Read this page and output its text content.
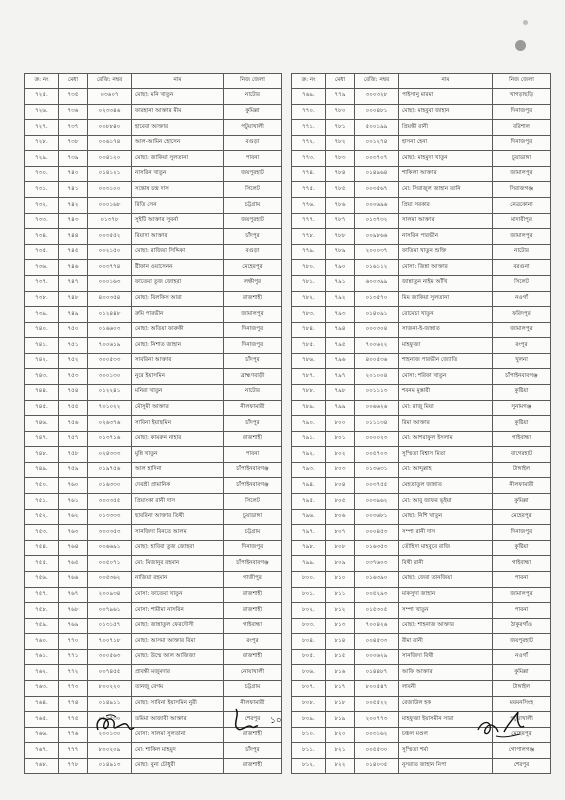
ক্র: নং	মেধা	রেজি: নম্বর	নাম	নিজ জেলা
৭২৫.	৭৩৫	০৩৬০৭	মোছা: মনি খাতুন	নাটোর
৭২৬.	৭৩৬	০২৩৩৪৬	ফারহানা আক্তার মীম	কুমিল্লা
৭২৭.	৭৩৭	০০৮৮৪০	হাবেবা আক্তার	পটুয়াখালী
৭২৮.	৭৩৮	০০৬১৭৪	আল-আমিন হোসেন	বগুড়া
৭২৯.	৭৩৯	০০৪১২০	মোছা: জাকিয়া সুলতানা	পাবনা
৭৩০.	৭৪০	০১৪১২১	নাসরিন খাতুন	জয়পুরহাট
৭৩১.	৭৪১	০০৩১০০	সন্তোষ চন্দ্র দাস	সিলেট
৭৩২.	৭৪২	০০০১৬৮	রিতি সেন	চট্টগ্রাম
৭৩৩.	৭৪৩	০১৩৭৮	সুইটি আক্তার সুবর্না	জয়পুরহাট
৭৩৪.	৭৪৪	০০৩৫৫২	রিয়াদা আক্তার	চাঁদপুর
৭৩৫.	৭৪৫	০০২১৫০	মোছা: রাজিয়া সিদ্দিকা	বগুড়া
৭৩৬.	৭৪৬	০০৩৭৭৪	ষ্টীফান ওয়াসেনন	মেহেরপুর
৭৩৭.	৭৪৭	০০০১৬৩	ফাতেমা তুজ জোহরা	লক্ষীপুর
৭৩৮.	৭৪৮	৪০০৩৫৪	মোছা: বিলকিস আরা	রাজশাহী
৭৩৯.	৭৪৯	০১২৪৪৮	রুমি পারভীন	জামালপুর
৭৪০.	৭৫০	০১৬৬০৩	মোছা: অতিয়া ফারুকী	দিনাজপুর
৭৪১.	৭৫১	৭০০৬১৯	মোছা: নিশাত জাহান	দিনাজপুর
৭৪২.	৭৫২	৩০০৫৩৩	সাবরিনা আক্তার	চাঁদপুর
৭৪৩.	৭৫৩	৩০০১৩০	নুরে ইয়াসমিন	ব্রাহ্মণবাড়ী
৭৪৪.	৭৫৪	০১২২৪১	মনিরা খাতুন	নাটোর
৭৪৫.	৭৫৫	৭০১০২২	মৌসুমী আক্তার	নীলফামারী
৭৪৬.	৭৫৬	০২৬৩৭৬	সাবিনা ইয়াছমিন	চাঁদপুর
৭৪৭.	৭৫৭	০১৩৭১৬	মোছা: কামরুন নাহার	রাজশাহী
৭৪৮.	৭৫৮	০২৪৩৩৩	মুন্নি খাতুন	পাবনা
৭৪৯.	৭৫৯	০১৯৭৫৬	আল হাদিনা	চাঁপাইনবাবগঞ্জ
৭৫০.	৭৬০	০১৬৩৩০	দেবশ্রী প্রামানিক	চাঁপাইনবাবগঞ্জ
৭৫১.	৭৬১	৩০০৩৫৫	প্রিয়াংকা রানী দাস	সিলেট
৭৫২.	৭৬২	০১৩৩৩৩	ছাবরিনা আক্তার তিথী	চুয়াডাঙ্গা
৭৫৩.	৭৬৩	৩০০৩৫৩	সানজিদা বিনতে আলম	চট্টগ্রাম
৭৫৪.	৭৬৪	০০৬৬৯১	মোছা: হাবিবা তুজ জোহরা	দিনাজপুর
৭৫৫.	৭৬৫	০০৫০৭১	মো: মিজানুর রহমান	চাঁপাইনবাবগঞ্জ
৭৫৬.	৭৬৬	০০৫৩৬২	নাজিয়া রহমান	গাজীপুর
৭৫৭.	৭৬৭	২০০৯৩৪	মোসা: ফাতেমা খাতুন	রাজশাহী
৭৫৮.	৭৬৮	০০৭৯৬১	মোসা: শামীমা নাসরিন	রাজশাহী
৭৫৯.	৭৬৯	০১৩১৫৭	মোছা: জান্নাতুল ফেরদৌসী	গাইবান্ধা
৭৬০.	৭৭০	৭০০৭১৮	মোছা: আসমা আক্তার রিমা	রংপুর
৭৬১.	৭৭১	৩০০৫৬৩	মোছা: উম্মে আল আজিজা	রাজশাহী
৭৬২.	৭৭২	০০৭৪৫৫	প্রাবন্তী মজুমদার	নোয়াখালী
৭৬৩.	৭৭৩	৮০০২২০	তানজু বেগম	চট্টগ্রাম
৭৬৪.	৭৭৪	০১৪৯১১	মোছা: সাবিনা ইয়াসমিন নুরী	নীলফামারী
৭৬৫.	৭৭৫	০১৩৫৩০	তমিমা আজাবী আক্তার	শেরপুর
৭৬৬.	৭৭৬	২০০১৩০	মোসা: সালমা সুলতানা	রাজশাহী
৭৬৭.	৭৭৭	৮০০২০৯	মো: শাকিল মাহমুদ	চাঁদপুর
৭৬৮.	৭৭৮	০১৪৯১৩	মোছা: বুনা চৌধুরী	রাজশাহী
ক্র: নং	মেধা	রেজি: নম্বর	নাম	নিজ জেলা
৭৬৯.	৭৭৯	৩০০৩২৮	পাইসানু মারমা	খাগড়াছড়ি
৭৭০.	৭৮০	০০০৪৮১	মোছা: মাহবুবা জাহান	দিনাজপুর
৭৭১.	৭৮১	৫০০১৯৯	প্রিয়ন্তী রানী	বরিশাল
৭৭২.	৭৮২	০০১২৭৪	হাসনা হেনা	দিনাজপুর
৭৭৩.	৭৮৩	০০৩৭০৭	মোছা: মাহমুদা খাতুন	চুয়াডাঙ্গা
৭৭৪.	৭৮৪	০১৪৯৬৪	শাকিলা আক্তার	জামালপুর
৭৭৫.	৭৮৫	০০৩৫৬৭	মো: সিরাজুল জাহান তানি	সিরাজগঞ্জ
৭৭৬.	৭৮৬	০০০৬৯৬	প্রিয়া সরকার	নেত্রকোনা
৭৭৭.	৭৮৭	০১৩৭৩২	সালমা আক্তার	মাদারীপুর
৭৭৮.	৭৮৮	০০৯৮৬৬	নাসরিন পারভীন	জামালপুর
৭৭৯.	৭৮৯	২০০০৩৭	ফাতিমা খাতুন শুক্তি	নাটোর
৭৮০.	৭৯০	০১৬১১২	মোসা: জিন্না আক্তার	বরগুনা
৭৮১.	৭৯১	৬০০৩৯৯	জান্নাতুন নাইম আঁখি	সিলেট
৭৮২.	৭৯২	০১৩৫৭০	মিম জাকিয়া সুলতানা	নওগাঁ
৭৮৩.	৭৯৩	০১৪০৯১	রোমেচা খাতুন	ফরিদপুর
৭৮৪.	৭৯৪	০০০৩০৪	সাজনা-ই-জান্নাত	জামালপুর
৭৮৫.	৭৯৫	৭০০৬২২	মাহফুজা	রংপুর
৭৮৬.	৭৯৬	৪০০৫৩৬	শাহনাজ পারভীন জ্যোতি	খুলনা
৭৮৭.	৭৯৭	২০১০০৪	মোসা: শরিফা খাতুন	চাঁপাইনবাবগঞ্জ
৭৮৮.	৭৯৮	০০১১১৩	শবনম মুস্তারী	কুষ্টিয়া
৭৮৯.	৭৯৯	০০৬৬২৬	মো: রাজু মিয়া	সুনামগঞ্জ
৭৯০.	৮০০	০১১১৩৪	রিমা আক্তার	কুষ্টিয়া
৭৯১.	৮০১	০০০০২৩	মো: আশরাফুল ইসলাম	গাইবান্ধা
৭৯২.	৮০২	০০৫৭০৩	সুস্মিতা বিশ্বাস মিতা	বাগেরহাট
৭৯৩.	৮০৩	০১৩৬৩১	মো: আব্দুল্লাহ	টাঙ্গাইল
৭৯৪.	৮০৪	০০৩৭৫৫	মেহতাতুল জান্নাত	নীলফামারী
৭৯৫.	৮০৫	০০৩৯৬২	মো: আবু জাফর ভূইয়া	কুমিল্লা
৭৯৬.	৮০৬	০০৩৬৮১	মোছা: নিশি খাতুন	মেহেরপুর
৭৯৭.	৮০৭	০০০৪৫৩	সম্পা রানী দাস	দিনাজপুর
৭৯৮.	৮০৮	০১৬৩৫৩	তৌহিদা মাহবুবে রাজি	কুষ্টিয়া
৭৯৯.	৮০৯	০৩৭৬০৩	বিথী রানী	গাইবান্ধা
৮০০.	৮১০	০১৬৩৯০	মোছা: জেবা তানজিয়া	পাবনা
৮০১.	৮১১	০০৫২৯৩	মাকসুদা জাহান	জামালপুর
৮০২.	৮১২	০১৫৩০৫	সম্পা খাতুন	পাবনা
৮০৩.	৮১৩	৭০০৪২৬	মোছা: শাহনাজ আক্তার	ঠাকুরগাঁও
৮০৪.	৮১৪	০০৪৫৩৩	রীমা রানী	জয়পুরহাট
৮০৫.	৮১৫	০০০৬২৯	সানজিদা বিথী	নওগাঁ
৮০৬.	৮১৬	০১৪৪৮৭	আফি আক্তার	কুমিল্লা
৮০৭.	৮১৭	৮০০৫৪৭	লাবনী	টাঙ্গাইল
৮০৮.	৮১৮	০০৫৫২২	রেজাউল হক	ময়মনসিংহ
৮০৯.	৮১৯	২০০৭৭৩	মাহফুজা ইয়াসমীন সারা	পটুয়াখালী
৮১০.	৮২০	০০৩১৬২	চঞ্চল মণ্ডল	মেহেরপুর
৮১১.	৮২১	০০৫৫৩০	সুস্মিতা শর্মা	গোপালগঞ্জ
৮১২.	৮২২	০১৪০৩৫	নুসরাত জাহান নিপা	শেরপুর
১০
